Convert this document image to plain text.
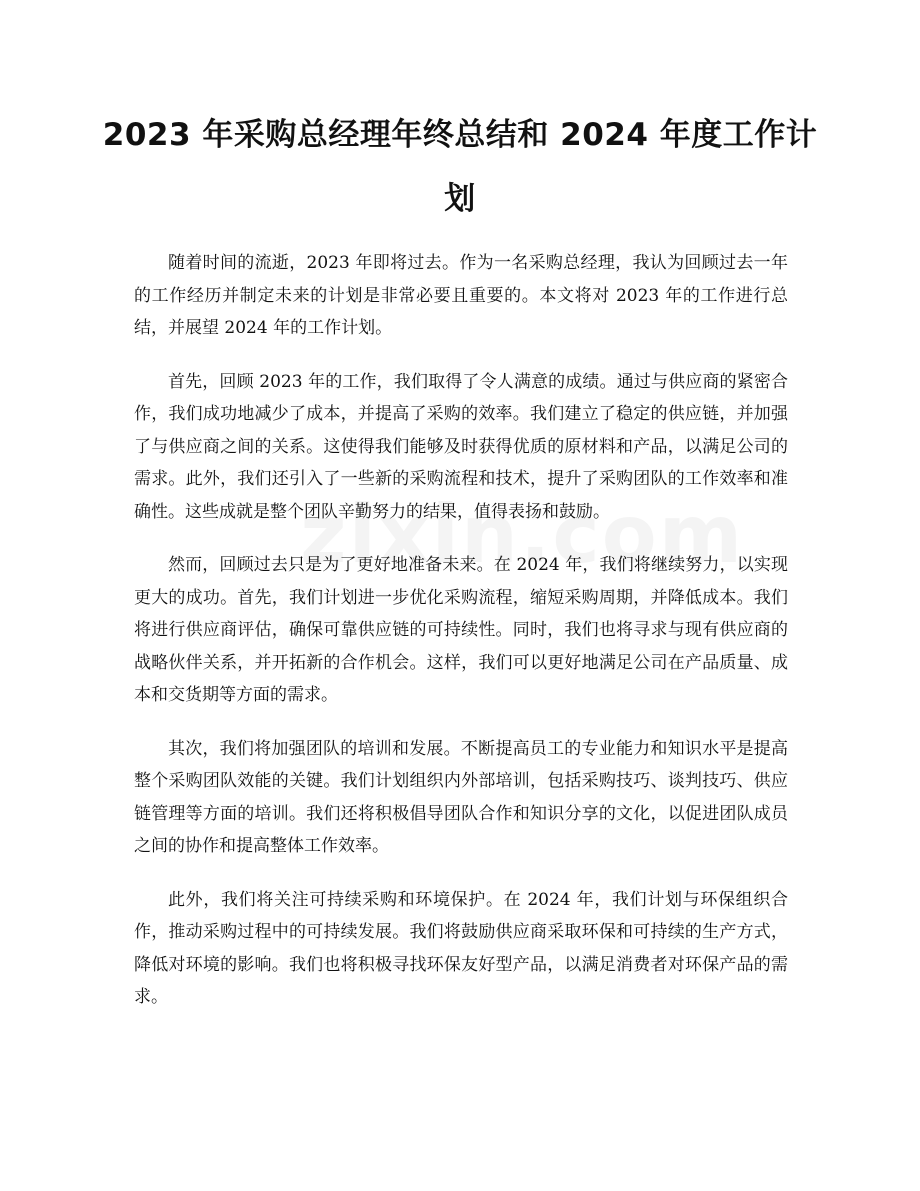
2023 年采购总经理年终总结和 2024 年度工作计划

随着时间的流逝，2023 年即将过去。作为一名采购总经理，我认为回顾过去一年的工作经历并制定未来的计划是非常必要且重要的。本文将对 2023 年的工作进行总结，并展望 2024 年的工作计划。

首先，回顾 2023 年的工作，我们取得了令人满意的成绩。通过与供应商的紧密合作，我们成功地减少了成本，并提高了采购的效率。我们建立了稳定的供应链，并加强了与供应商之间的关系。这使得我们能够及时获得优质的原材料和产品，以满足公司的需求。此外，我们还引入了一些新的采购流程和技术，提升了采购团队的工作效率和准确性。这些成就是整个团队辛勤努力的结果，值得表扬和鼓励。

然而，回顾过去只是为了更好地准备未来。在 2024 年，我们将继续努力，以实现更大的成功。首先，我们计划进一步优化采购流程，缩短采购周期，并降低成本。我们将进行供应商评估，确保可靠供应链的可持续性。同时，我们也将寻求与现有供应商的战略伙伴关系，并开拓新的合作机会。这样，我们可以更好地满足公司在产品质量、成本和交货期等方面的需求。

其次，我们将加强团队的培训和发展。不断提高员工的专业能力和知识水平是提高整个采购团队效能的关键。我们计划组织内外部培训，包括采购技巧、谈判技巧、供应链管理等方面的培训。我们还将积极倡导团队合作和知识分享的文化，以促进团队成员之间的协作和提高整体工作效率。

此外，我们将关注可持续采购和环境保护。在 2024 年，我们计划与环保组织合作，推动采购过程中的可持续发展。我们将鼓励供应商采取环保和可持续的生产方式，降低对环境的影响。我们也将积极寻找环保友好型产品，以满足消费者对环保产品的需求。
